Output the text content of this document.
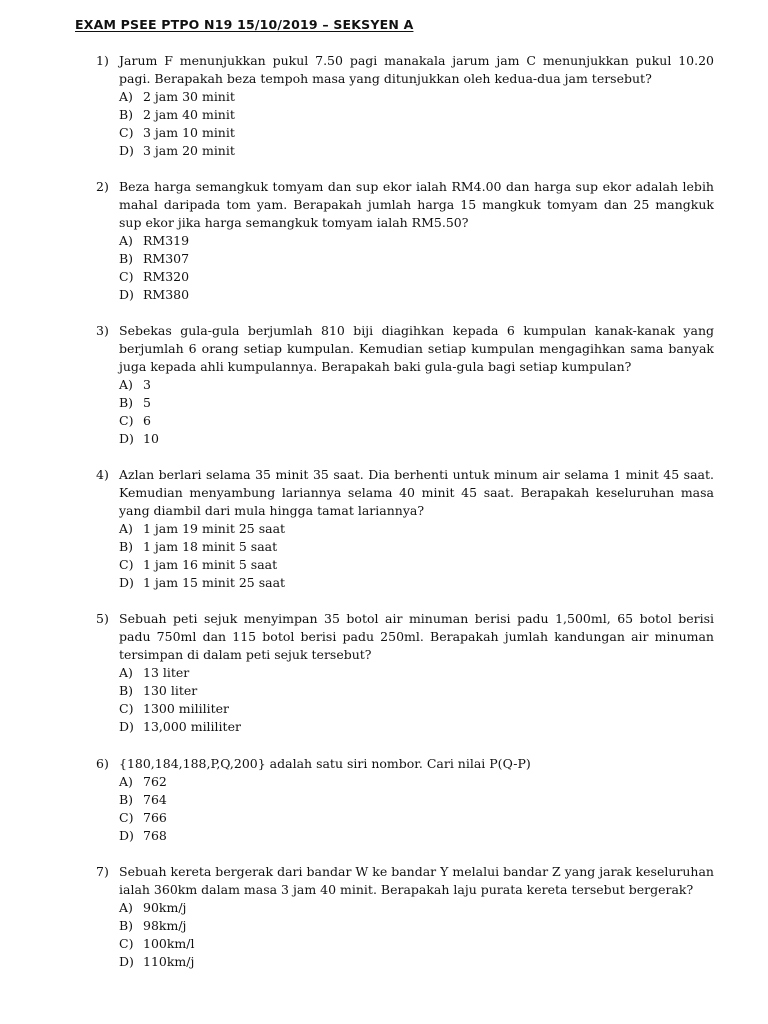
EXAM PSEE PTPO N19 15/10/2019 – SEKSYEN A
1) Jarum F menunjukkan pukul 7.50 pagi manakala jarum jam C menunjukkan pukul 10.20 pagi. Berapakah beza tempoh masa yang ditunjukkan oleh kedua-dua jam tersebut?
A) 2 jam 30 minit
B) 2 jam 40 minit
C) 3 jam 10 minit
D) 3 jam 20 minit
2) Beza harga semangkuk tomyam dan sup ekor ialah RM4.00 dan harga sup ekor adalah lebih mahal daripada tom yam. Berapakah jumlah harga 15 mangkuk tomyam dan 25 mangkuk sup ekor jika harga semangkuk tomyam ialah RM5.50?
A) RM319
B) RM307
C) RM320
D) RM380
3) Sebekas gula-gula berjumlah 810 biji diagihkan kepada 6 kumpulan kanak-kanak yang berjumlah 6 orang setiap kumpulan. Kemudian setiap kumpulan mengagihkan sama banyak juga kepada ahli kumpulannya. Berapakah baki gula-gula bagi setiap kumpulan?
A) 3
B) 5
C) 6
D) 10
4) Azlan berlari selama 35 minit 35 saat. Dia berhenti untuk minum air selama 1 minit 45 saat. Kemudian menyambung lariannya selama 40 minit 45 saat. Berapakah keseluruhan masa yang diambil dari mula hingga tamat lariannya?
A) 1 jam 19 minit 25 saat
B) 1 jam 18 minit 5 saat
C) 1 jam 16 minit 5 saat
D) 1 jam 15 minit 25 saat
5) Sebuah peti sejuk menyimpan 35 botol air minuman berisi padu 1,500ml, 65 botol berisi padu 750ml dan 115 botol berisi padu 250ml. Berapakah jumlah kandungan air minuman tersimpan di dalam peti sejuk tersebut?
A) 13 liter
B) 130 liter
C) 1300 mililiter
D) 13,000 mililiter
6) {180,184,188,P,Q,200} adalah satu siri nombor. Cari nilai P(Q-P)
A) 762
B) 764
C) 766
D) 768
7) Sebuah kereta bergerak dari bandar W ke bandar Y melalui bandar Z yang jarak keseluruhan ialah 360km dalam masa 3 jam 40 minit. Berapakah laju purata kereta tersebut bergerak?
A) 90km/j
B) 98km/j
C) 100km/l
D) 110km/j
